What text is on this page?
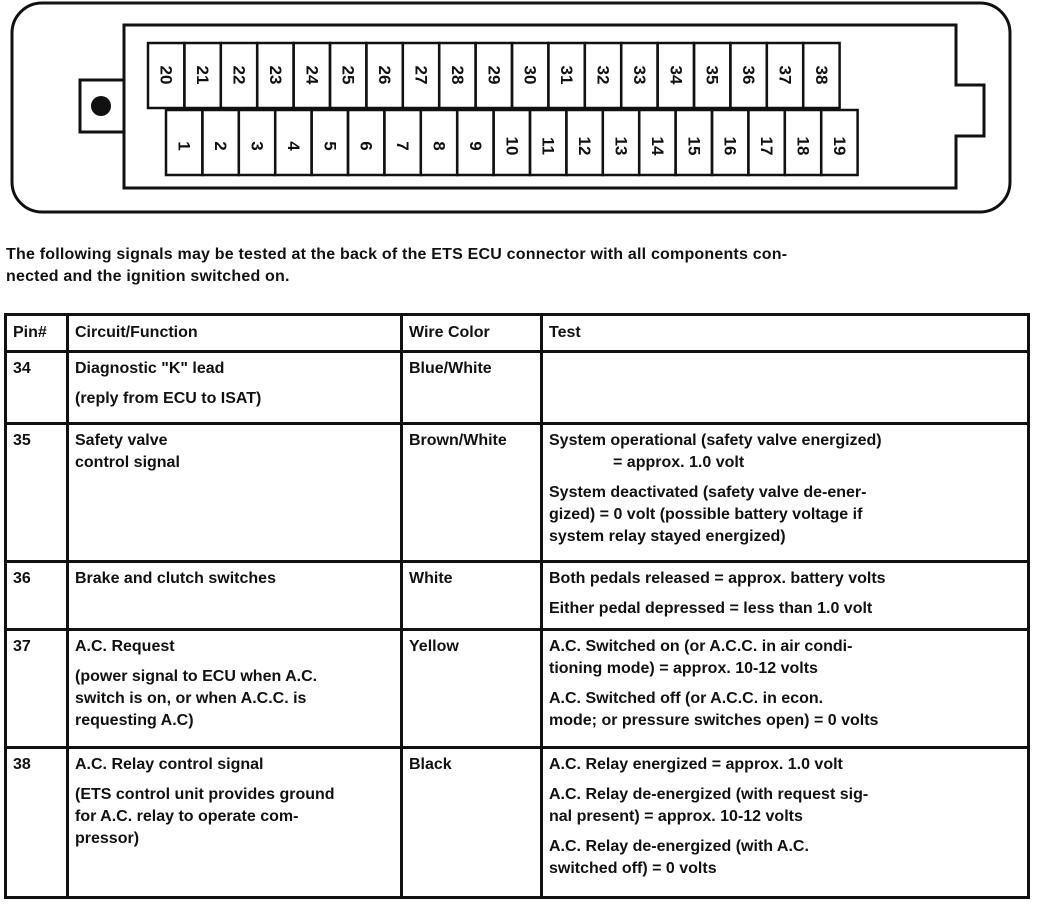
20 21 22 23 24 25 26 27 28 29 30 31 32 33 34 35 36 37 38
1 2 3 4 5 6 7 8 9 10 11 12 13 14 15 16 17 18 19
The following signals may be tested at the back of the ETS ECU connector with all components con-
nected and the ignition switched on.
Pin#	Circuit/Function	Wire Color	Test
34	Diagnostic "K" lead
(reply from ECU to ISAT)	Blue/White	
35	Safety valve
control signal	Brown/White	System operational (safety valve energized)
= approx. 1.0 volt
System deactivated (safety valve de-ener-
gized) = 0 volt (possible battery voltage if
system relay stayed energized)

36	Brake and clutch switches	White	Both pedals released = approx. battery volts
Either pedal depressed = less than 1.0 volt

37	A.C. Request
(power signal to ECU when A.C.
switch is on, or when A.C.C. is
requesting A.C)	Yellow	A.C. Switched on (or A.C.C. in air condi-
tioning mode) = approx. 10-12 volts
A.C. Switched off (or A.C.C. in econ.
mode; or pressure switches open) = 0 volts

38	A.C. Relay control signal
(ETS control unit provides ground
for A.C. relay to operate com-
pressor)	Black	A.C. Relay energized = approx. 1.0 volt
A.C. Relay de-energized (with request sig-
nal present) = approx. 10-12 volts
A.C. Relay de-energized (with A.C.
switched off) = 0 volts
